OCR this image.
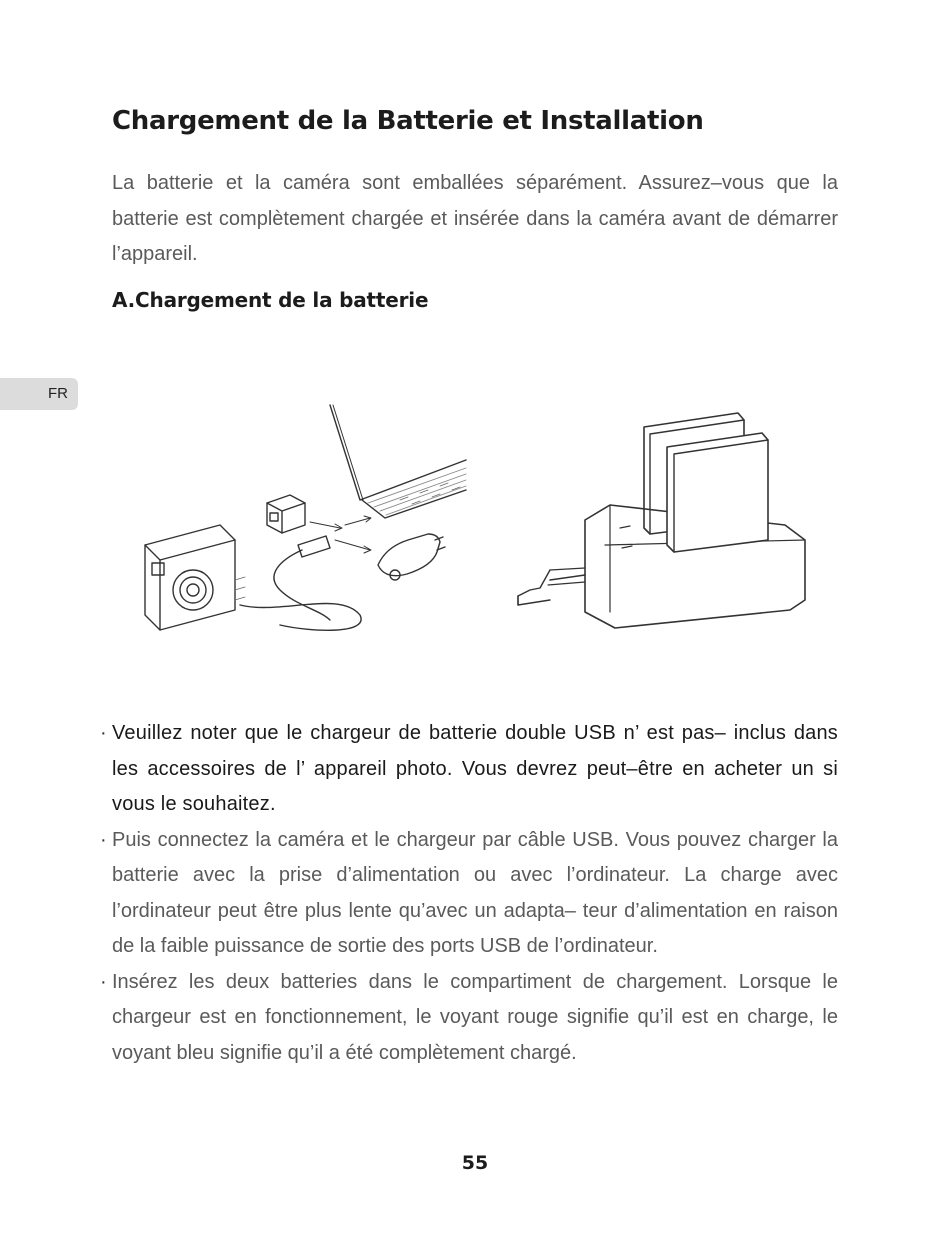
Chargement de la Batterie et Installation

La batterie et la caméra sont emballées séparément. Assurez–vous que la batterie est complètement chargée et insérée dans la caméra avant de démarrer l’appareil.

A.Chargement de la batterie
FR
· Veuillez noter que le chargeur de batterie double USB n’ est pas– inclus dans les accessoires de l’ appareil photo. Vous devrez peut–être en acheter un si vous le souhaitez.
· Puis connectez la caméra et le chargeur par câble USB. Vous pouvez charger la batterie avec la prise d’alimentation ou avec l’ordinateur. La charge avec l’ordinateur peut être plus lente qu’avec un adapta– teur d’alimentation en raison de la faible puissance de sortie des ports USB de l’ordinateur.
· Insérez les deux batteries dans le compartiment de chargement. Lorsque le chargeur est en fonctionnement, le voyant rouge signifie qu’il est en charge, le voyant bleu signifie qu’il a été complètement chargé.
55
